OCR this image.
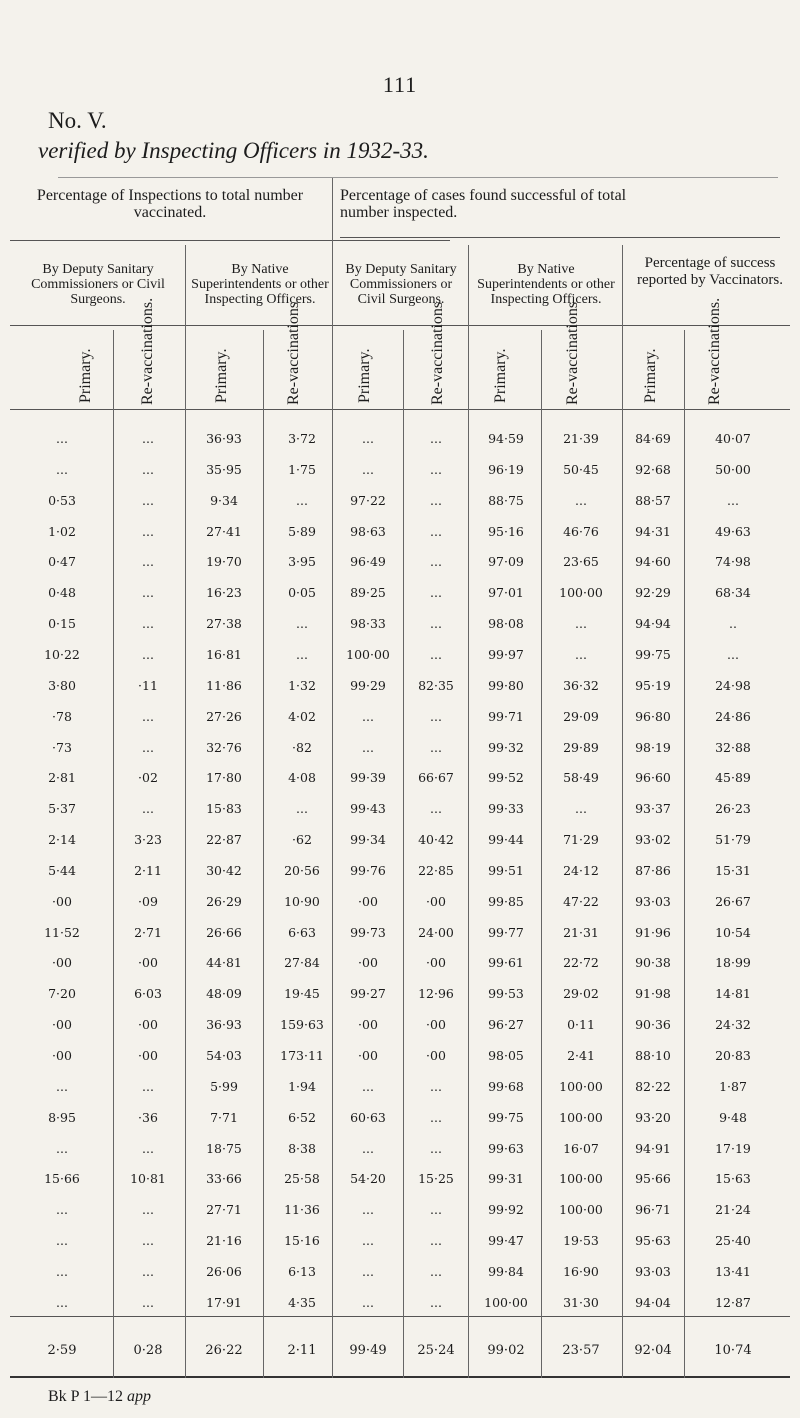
111
No. V.
verified by Inspecting Officers in 1932-33.
Percentage of Inspections to total number vaccinated.
Percentage of cases found successful of total number inspected.
Percentage of success reported by Vaccinators.
By Deputy Sanitary Commissioners or Civil Surgeons.
By Native Superintendents or other Inspecting Officers.
By Deputy Sanitary Commissioners or Civil Surgeons.
By Native Superintendents or other Inspecting Officers.
Primary.	Re-vaccinations.	Primary.	Re-vaccinations	Primary.	Re-vaccinations	Primary.	Re-vaccinations	Primary.	Re-vaccinations.
...	...	36·93	3·72	...	...	94·59	21·39	84·69	40·07
...	...	35·95	1·75	...	...	96·19	50·45	92·68	50·00
0·53	...	9·34	...	97·22	...	88·75	...	88·57	...
1·02	...	27·41	5·89	98·63	...	95·16	46·76	94·31	49·63
0·47	...	19·70	3·95	96·49	...	97·09	23·65	94·60	74·98
0·48	...	16·23	0·05	89·25	...	97·01	100·00	92·29	68·34
0·15	...	27·38	...	98·33	...	98·08	...	94·94	..
10·22	...	16·81	...	100·00	...	99·97	...	99·75	...
3·80	·11	11·86	1·32	99·29	82·35	99·80	36·32	95·19	24·98
·78	...	27·26	4·02	...	...	99·71	29·09	96·80	24·86
·73	...	32·76	·82	...	...	99·32	29·89	98·19	32·88
2·81	·02	17·80	4·08	99·39	66·67	99·52	58·49	96·60	45·89
5·37	...	15·83	...	99·43	...	99·33	...	93·37	26·23
2·14	3·23	22·87	·62	99·34	40·42	99·44	71·29	93·02	51·79
5·44	2·11	30·42	20·56	99·76	22·85	99·51	24·12	87·86	15·31
·00	·09	26·29	10·90	·00	·00	99·85	47·22	93·03	26·67
11·52	2·71	26·66	6·63	99·73	24·00	99·77	21·31	91·96	10·54
·00	·00	44·81	27·84	·00	·00	99·61	22·72	90·38	18·99
7·20	6·03	48·09	19·45	99·27	12·96	99·53	29·02	91·98	14·81
·00	·00	36·93	159·63	·00	·00	96·27	0·11	90·36	24·32
·00	·00	54·03	173·11	·00	·00	98·05	2·41	88·10	20·83
...	...	5·99	1·94	...	...	99·68	100·00	82·22	1·87
8·95	·36	7·71	6·52	60·63	...	99·75	100·00	93·20	9·48
...	...	18·75	8·38	...	...	99·63	16·07	94·91	17·19
15·66	10·81	33·66	25·58	54·20	15·25	99·31	100·00	95·66	15·63
...	...	27·71	11·36	...	...	99·92	100·00	96·71	21·24
...	...	21·16	15·16	...	...	99·47	19·53	95·63	25·40
...	...	26·06	6·13	...	...	99·84	16·90	93·03	13·41
...	...	17·91	4·35	...	...	100·00	31·30	94·04	12·87
2·59	0·28	26·22	2·11	99·49	25·24	99·02	23·57	92·04	10·74
Bk P 1—12 app
